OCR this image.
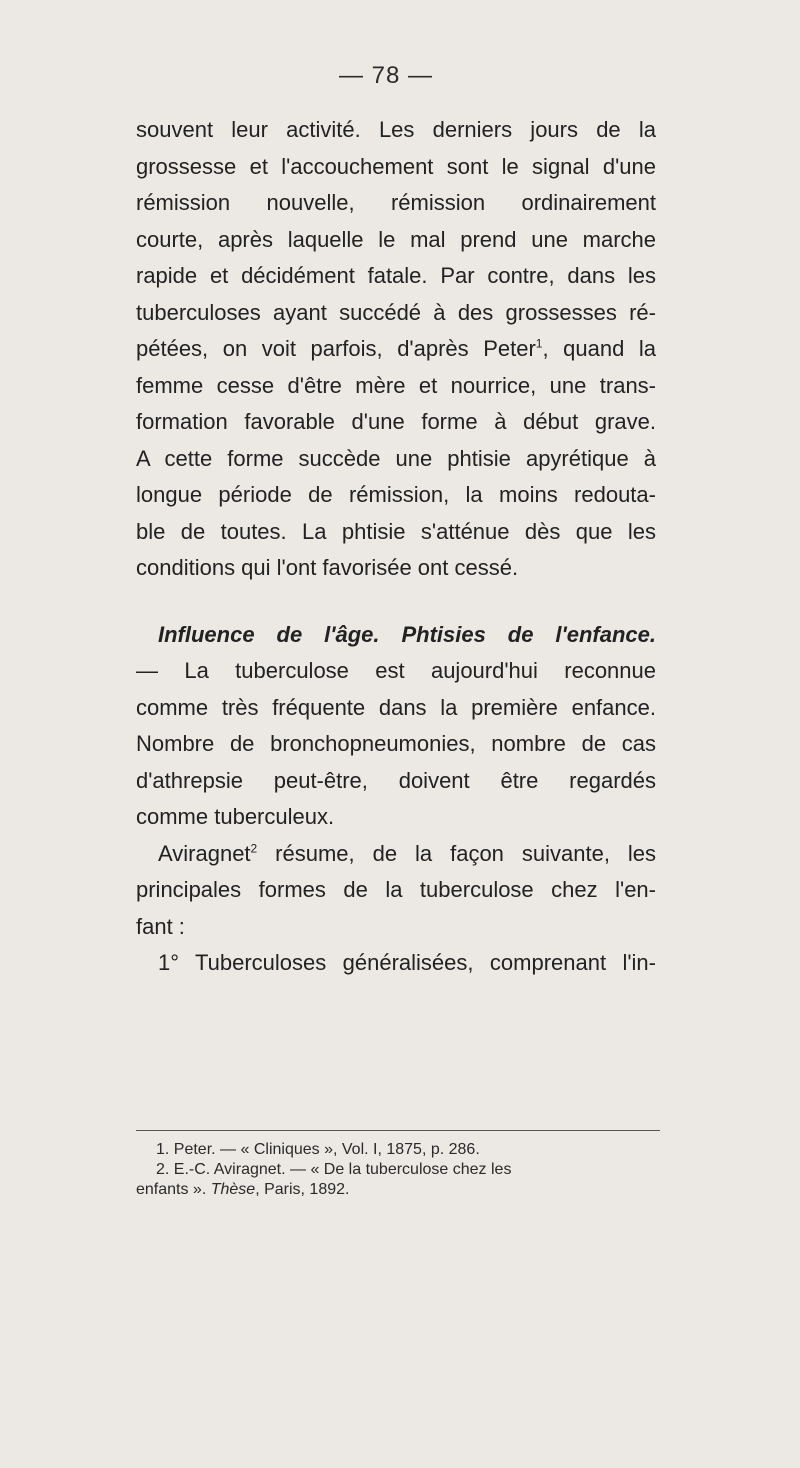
— 78 —

souvent leur activité. Les derniers jours de la
grossesse et l'accouchement sont le signal d'une
rémission nouvelle, rémission ordinairement
courte, après laquelle le mal prend une marche
rapide et décidément fatale. Par contre, dans les
tuberculoses ayant succédé à des grossesses ré-
pétées, on voit parfois, d'après Peter$^1$, quand la
femme cesse d'être mère et nourrice, une trans-
formation favorable d'une forme à début grave.
A cette forme succède une phtisie apyrétique à
longue période de rémission, la moins redouta-
ble de toutes. La phtisie s'atténue dès que les
conditions qui l'ont favorisée ont cessé.

Influence de l'âge. Phtisies de l'enfance.
— La tuberculose est aujourd'hui reconnue
comme très fréquente dans la première enfance.
Nombre de bronchopneumonies, nombre de cas
d'athrepsie peut-être, doivent être regardés
comme tuberculeux.

Aviragnet$^2$ résume, de la façon suivante, les
principales formes de la tuberculose chez l'en-
fant :

1° Tuberculoses généralisées, comprenant l'in-

1. Peter. — « Cliniques », Vol. I, 1875, p. 286.
2. E.-C. Aviragnet. — « De la tuberculose chez les
enfants ». Thèse, Paris, 1892.
